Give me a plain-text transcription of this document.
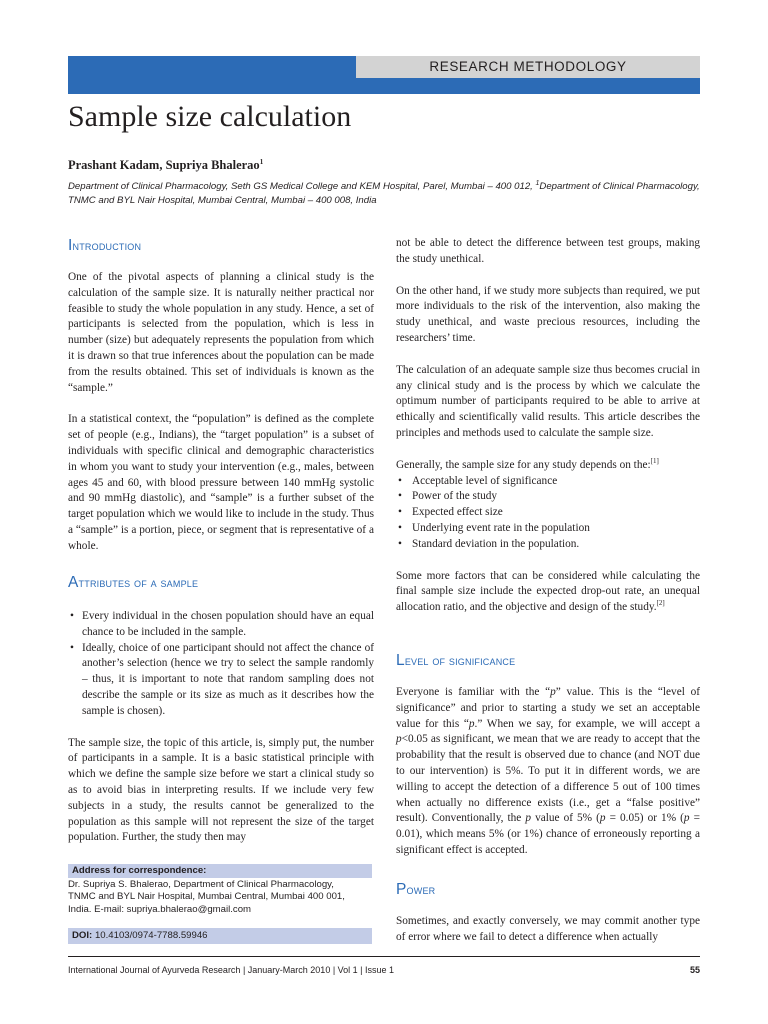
RESEARCH METHODOLOGY
Sample size calculation
Prashant Kadam, Supriya Bhalerao$^1$
Department of Clinical Pharmacology, Seth GS Medical College and KEM Hospital, Parel, Mumbai – 400 012, $^1$Department of Clinical Pharmacology, TNMC and BYL Nair Hospital, Mumbai Central, Mumbai – 400 008, India
Introduction

One of the pivotal aspects of planning a clinical study is the calculation of the sample size. It is naturally neither practical nor feasible to study the whole population in any study. Hence, a set of participants is selected from the population, which is less in number (size) but adequately represents the population from which it is drawn so that true inferences about the population can be made from the results obtained. This set of individuals is known as the “sample.”

In a statistical context, the “population” is defined as the complete set of people (e.g., Indians), the “target population” is a subset of individuals with specific clinical and demographic characteristics in whom you want to study your intervention (e.g., males, between ages 45 and 60, with blood pressure between 140 mmHg systolic and 90 mmHg diastolic), and “sample” is a further subset of the target population which we would like to include in the study. Thus a “sample” is a portion, piece, or segment that is representative of a whole.

Attributes of a sample
• Every individual in the chosen population should have an equal chance to be included in the sample.
• Ideally, choice of one participant should not affect the chance of another’s selection (hence we try to select the sample randomly – thus, it is important to note that random sampling does not describe the sample or its size as much as it describes how the sample is chosen).

The sample size, the topic of this article, is, simply put, the number of participants in a sample. It is a basic statistical principle with which we define the sample size before we start a clinical study so as to avoid bias in interpreting results. If we include very few subjects in a study, the results cannot be generalized to the population as this sample will not represent the size of the target population. Further, the study then may

not be able to detect the difference between test groups, making the study unethical.

On the other hand, if we study more subjects than required, we put more individuals to the risk of the intervention, also making the study unethical, and waste precious resources, including the researchers’ time.

The calculation of an adequate sample size thus becomes crucial in any clinical study and is the process by which we calculate the optimum number of participants required to be able to arrive at ethically and scientifically valid results. This article describes the principles and methods used to calculate the sample size.

Generally, the sample size for any study depends on the:[1]

• Acceptable level of significance
• Power of the study
• Expected effect size
• Underlying event rate in the population
• Standard deviation in the population.

Some more factors that can be considered while calculating the final sample size include the expected drop-out rate, an unequal allocation ratio, and the objective and design of the study.[2]

Level of significance

Everyone is familiar with the “p” value. This is the “level of significance” and prior to starting a study we set an acceptable value for this “p.” When we say, for example, we will accept a p<0.05 as significant, we mean that we are ready to accept that the probability that the result is observed due to chance (and NOT due to our intervention) is 5%. To put it in different words, we are willing to accept the detection of a difference 5 out of 100 times when actually no difference exists (i.e., get a “false positive” result). Conventionally, the p value of 5% (p = 0.05) or 1% (p = 0.01), which means 5% (or 1%) chance of erroneously reporting a significant effect is accepted.

Power

Sometimes, and exactly conversely, we may commit another type of error where we fail to detect a difference when actually

Address for correspondence:
Dr. Supriya S. Bhalerao, Department of Clinical Pharmacology,
TNMC and BYL Nair Hospital, Mumbai Central, Mumbai 400 001,
India. E-mail: supriya.bhalerao@gmail.com
DOI: 10.4103/0974-7788.59946
International Journal of Ayurveda Research | January-March 2010 | Vol 1 | Issue 1	55
